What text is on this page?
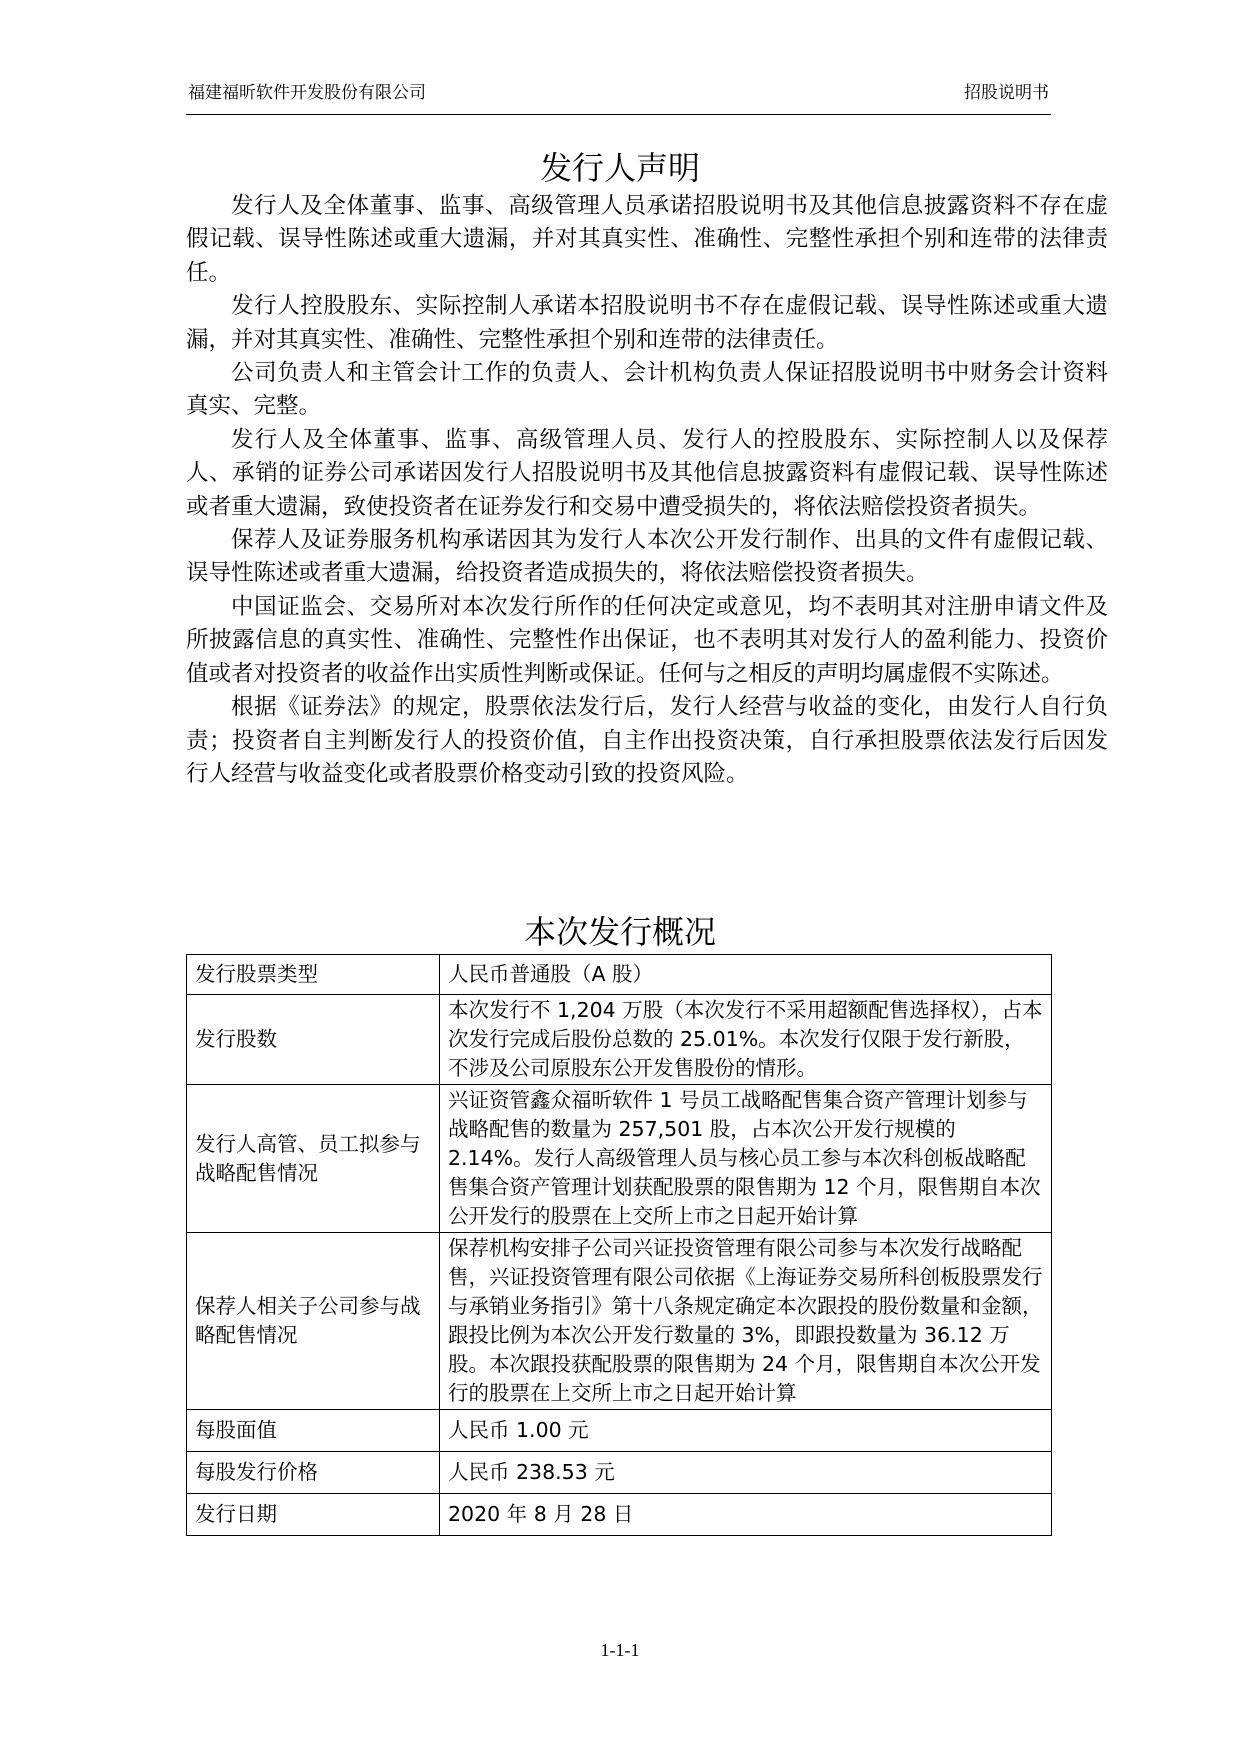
福建福昕软件开发股份有限公司	招股说明书
发行人声明

发行人及全体董事、监事、高级管理人员承诺招股说明书及其他信息披露资料不存在虚假记载、误导性陈述或重大遗漏，并对其真实性、准确性、完整性承担个别和连带的法律责任。

发行人控股股东、实际控制人承诺本招股说明书不存在虚假记载、误导性陈述或重大遗漏，并对其真实性、准确性、完整性承担个别和连带的法律责任。

公司负责人和主管会计工作的负责人、会计机构负责人保证招股说明书中财务会计资料真实、完整。

发行人及全体董事、监事、高级管理人员、发行人的控股股东、实际控制人以及保荐人、承销的证券公司承诺因发行人招股说明书及其他信息披露资料有虚假记载、误导性陈述或者重大遗漏，致使投资者在证券发行和交易中遭受损失的，将依法赔偿投资者损失。

保荐人及证券服务机构承诺因其为发行人本次公开发行制作、出具的文件有虚假记载、误导性陈述或者重大遗漏，给投资者造成损失的，将依法赔偿投资者损失。

中国证监会、交易所对本次发行所作的任何决定或意见，均不表明其对注册申请文件及所披露信息的真实性、准确性、完整性作出保证，也不表明其对发行人的盈利能力、投资价值或者对投资者的收益作出实质性判断或保证。任何与之相反的声明均属虚假不实陈述。

根据《证券法》的规定，股票依法发行后，发行人经营与收益的变化，由发行人自行负责；投资者自主判断发行人的投资价值，自主作出投资决策，自行承担股票依法发行后因发行人经营与收益变化或者股票价格变动引致的投资风险。

本次发行概况
发行股票类型	人民币普通股（A 股）
发行股数	本次发行不 1,204 万股（本次发行不采用超额配售选择权），占本次发行完成后股份总数的 25.01%。本次发行仅限于发行新股，不涉及公司原股东公开发售股份的情形。
发行人高管、员工拟参与战略配售情况	兴证资管鑫众福昕软件 1 号员工战略配售集合资产管理计划参与战略配售的数量为 257,501 股，占本次公开发行规模的 2.14%。发行人高级管理人员与核心员工参与本次科创板战略配售集合资产管理计划获配股票的限售期为 12 个月，限售期自本次公开发行的股票在上交所上市之日起开始计算
保荐人相关子公司参与战略配售情况	保荐机构安排子公司兴证投资管理有限公司参与本次发行战略配售，兴证投资管理有限公司依据《上海证券交易所科创板股票发行与承销业务指引》第十八条规定确定本次跟投的股份数量和金额，跟投比例为本次公开发行数量的 3%，即跟投数量为 36.12 万股。本次跟投获配股票的限售期为 24 个月，限售期自本次公开发行的股票在上交所上市之日起开始计算
每股面值	人民币 1.00 元
每股发行价格	人民币 238.53 元
发行日期	2020 年 8 月 28 日
1-1-1
